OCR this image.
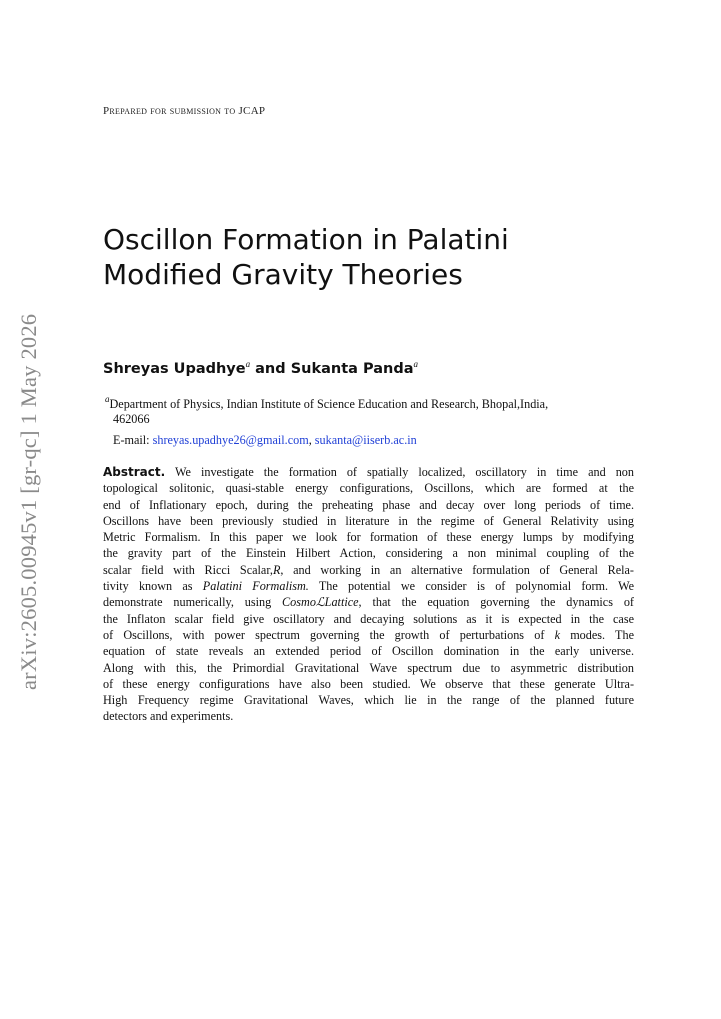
arXiv:2605.00945v1 [gr-qc] 1 May 2026
Prepared for submission to JCAP
Oscillon Formation in Palatini
Modified Gravity Theories
Shreyas Upadhye$^a$ and Sukanta Panda$^a$
$^a$Department of Physics, Indian Institute of Science Education and Research, Bhopal,India,
462066
E-mail: shreyas.upadhye26@gmail.com, sukanta@iiserb.ac.in
Abstract. We investigate the formation of spatially localized, oscillatory in time and non
topological solitonic, quasi-stable energy configurations, Oscillons, which are formed at the
end of Inflationary epoch, during the preheating phase and decay over long periods of time.
Oscillons have been previously studied in literature in the regime of General Relativity using
Metric Formalism. In this paper we look for formation of these energy lumps by modifying
the gravity part of the Einstein Hilbert Action, considering a non minimal coupling of the
scalar field with Ricci Scalar,R, and working in an alternative formulation of General Rela-
tivity known as Palatini Formalism. The potential we consider is of polynomial form. We
demonstrate numerically, using CosmoℒLattice, that the equation governing the dynamics of
the Inflaton scalar field give oscillatory and decaying solutions as it is expected in the case
of Oscillons, with power spectrum governing the growth of perturbations of k modes. The
equation of state reveals an extended period of Oscillon domination in the early universe.
Along with this, the Primordial Gravitational Wave spectrum due to asymmetric distribution
of these energy configurations have also been studied. We observe that these generate Ultra-
High Frequency regime Gravitational Waves, which lie in the range of the planned future
detectors and experiments.
